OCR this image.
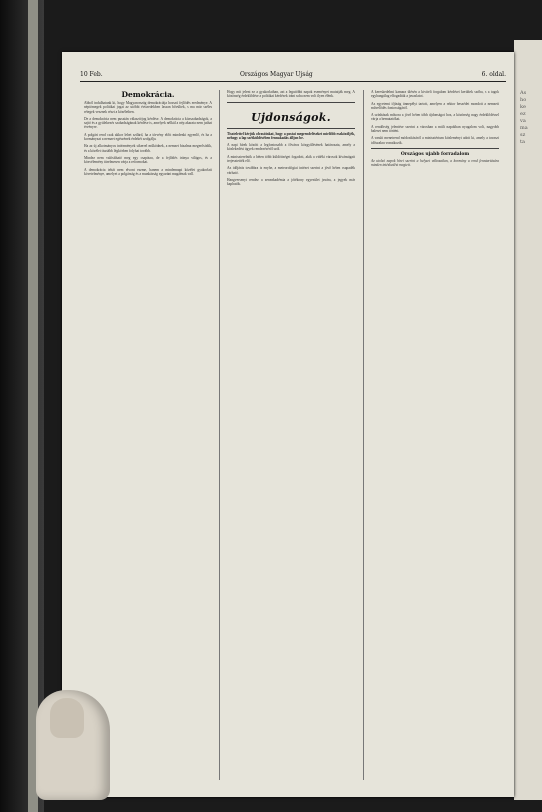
As
ho
ke
ez
va
ma
sz
ta
10 Feb.	Országos Magyar Ujság	6. oldal.
Demokrácia.

Abból indulhatunk ki, hogy Magyarország demokráciája hosszú fejlődés eredménye. A néptömegek politikai jogai az utóbbi évtizedekben lassan bővültek, s ma már széles rétegek vesznek részt a közéletben.

De a demokrácia nem pusztán választójog kérdése. A demokrácia a közszabadságok, a sajtó és a gyülekezés szabadságának kérdése is, amelyek nélkül a nép akarata nem juthat érvényre.

A polgári rend csak akkor lehet szilárd, ha a törvény előtt mindenki egyenlő, és ha a kormányzat a nemzet egészének érdekét szolgálja.

Ha az új alkotmányos intézmények sikerrel működnek, a nemzet bizalma megerősödik, és a közélet tisztább légkörben folyhat tovább.

Mindez nem valósítható meg egy csapásra, de a fejlődés iránya világos, és a közvélemény türelmesen várja a reformokat.

A demokrácia tehát nem elvont eszme, hanem a mindennapi közélet gyakorlati követelménye, amelyet a polgárság és a munkásság egyaránt magáénak vall.

Hogy mit jelent ez a gyakorlatban, azt a legutóbbi napok eseményei mutatják meg. A közönség érdeklődése a politikai kérdések iránt soha nem volt ilyen élénk.

Ujdonságok.

Tisztelettel kérjük olvasóinkat, hogy a postai megrendeléseket mielőbb eszközöljék, nehogy a lap szétküldésében fennakadás álljon be.

A napi hírek között a legfontosabb a főváros közgyűlésének határozata, amely a közlekedési ügyek rendezéséről szól.

A miniszterelnök a héten több küldöttséget fogadott, akik a vidéki városok kívánságait terjesztették elő.

Az időjárás továbbra is enyhe, a meteorológiai intézet szerint a jövő héten csapadék várható.

Hangversenyt rendez a zeneakadémia a jótékony egyesület javára, a jegyek már kaphatók.

A kereskedelmi kamara ülésén a kiviteli forgalom kérdései kerültek szóba, s a tagok egyhangúlag elfogadták a javaslatot.

Az egyetemi ifjúság ünnepélyt tartott, amelyen a rektor beszédet mondott a nemzeti művelődés fontosságáról.

A színházak műsora a jövő héten több újdonságot hoz, a közönség nagy érdeklődéssel várja a bemutatókat.

A rendőrség jelentése szerint a városban a múlt napokban nyugalom volt, nagyobb baleset nem történt.

A vasúti menetrend módosításáról a minisztérium közleményt adott ki, amely a tavaszi időszakra vonatkozik.

Országos ujabb forradalom

Az utolsó napok hírei szerint a helyzet változatlan, a kormány a rend fenntartására minden intézkedést megtett.
